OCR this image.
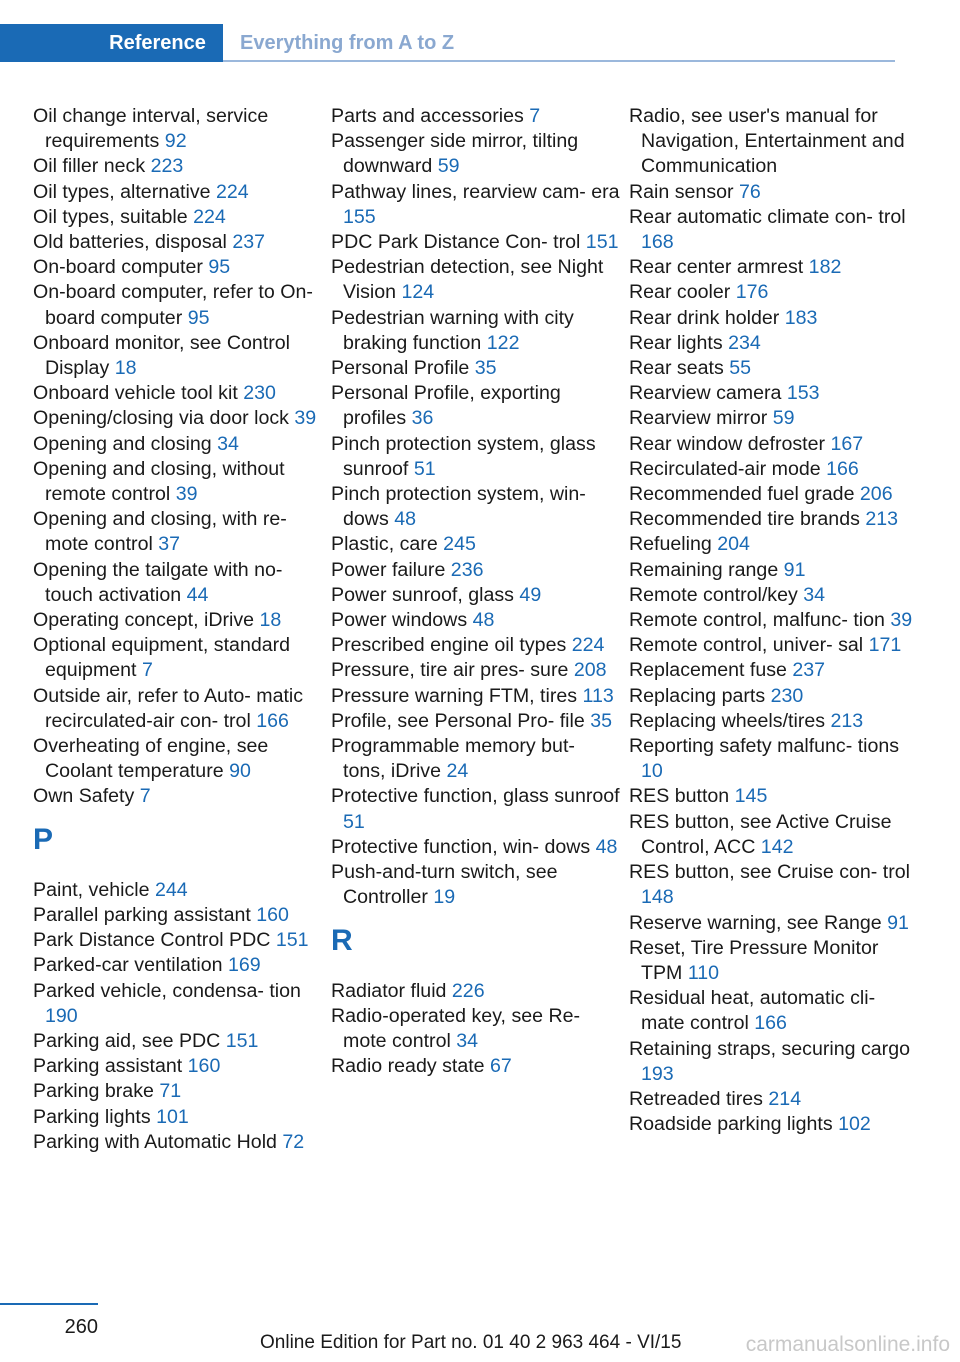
Reference	Everything from A to Z
Oil change interval, service requirements 92
Oil filler neck 223
Oil types, alternative 224
Oil types, suitable 224
Old batteries, disposal 237
On-board computer 95
On-board computer, refer to On-board computer 95
Onboard monitor, see Control Display 18
Onboard vehicle tool kit 230
Opening/closing via door lock 39
Opening and closing 34
Opening and closing, without remote control 39
Opening and closing, with re‐ mote control 37
Opening the tailgate with no- touch activation 44
Operating concept, iDrive 18
Optional equipment, standard equipment 7
Outside air, refer to Auto‐ matic recirculated-air con‐ trol 166
Overheating of engine, see Coolant temperature 90
Own Safety 7
P
Paint, vehicle 244
Parallel parking assistant 160
Park Distance Control PDC 151
Parked-car ventilation 169
Parked vehicle, condensa‐ tion 190
Parking aid, see PDC 151
Parking assistant 160
Parking brake 71
Parking lights 101
Parking with Automatic Hold 72
Parts and accessories 7
Passenger side mirror, tilting downward 59
Pathway lines, rearview cam‐ era 155
PDC Park Distance Con‐ trol 151
Pedestrian detection, see Night Vision 124
Pedestrian warning with city braking function 122
Personal Profile 35
Personal Profile, exporting profiles 36
Pinch protection system, glass sunroof 51
Pinch protection system, win‐ dows 48
Plastic, care 245
Power failure 236
Power sunroof, glass 49
Power windows 48
Prescribed engine oil types 224
Pressure, tire air pres‐ sure 208
Pressure warning FTM, tires 113
Profile, see Personal Pro‐ file 35
Programmable memory but‐ tons, iDrive 24
Protective function, glass sunroof 51
Protective function, win‐ dows 48
Push-and-turn switch, see Controller 19
R
Radiator fluid 226
Radio-operated key, see Re‐ mote control 34
Radio ready state 67
Radio, see user's manual for Navigation, Entertainment and Communication
Rain sensor 76
Rear automatic climate con‐ trol 168
Rear center armrest 182
Rear cooler 176
Rear drink holder 183
Rear lights 234
Rear seats 55
Rearview camera 153
Rearview mirror 59
Rear window defroster 167
Recirculated-air mode 166
Recommended fuel grade 206
Recommended tire brands 213
Refueling 204
Remaining range 91
Remote control/key 34
Remote control, malfunc‐ tion 39
Remote control, univer‐ sal 171
Replacement fuse 237
Replacing parts 230
Replacing wheels/tires 213
Reporting safety malfunc‐ tions 10
RES button 145
RES button, see Active Cruise Control, ACC 142
RES button, see Cruise con‐ trol 148
Reserve warning, see Range 91
Reset, Tire Pressure Monitor TPM 110
Residual heat, automatic cli‐ mate control 166
Retaining straps, securing cargo 193
Retreaded tires 214
Roadside parking lights 102
260
Online Edition for Part no. 01 40 2 963 464 - VI/15	carmanualsonline.info
